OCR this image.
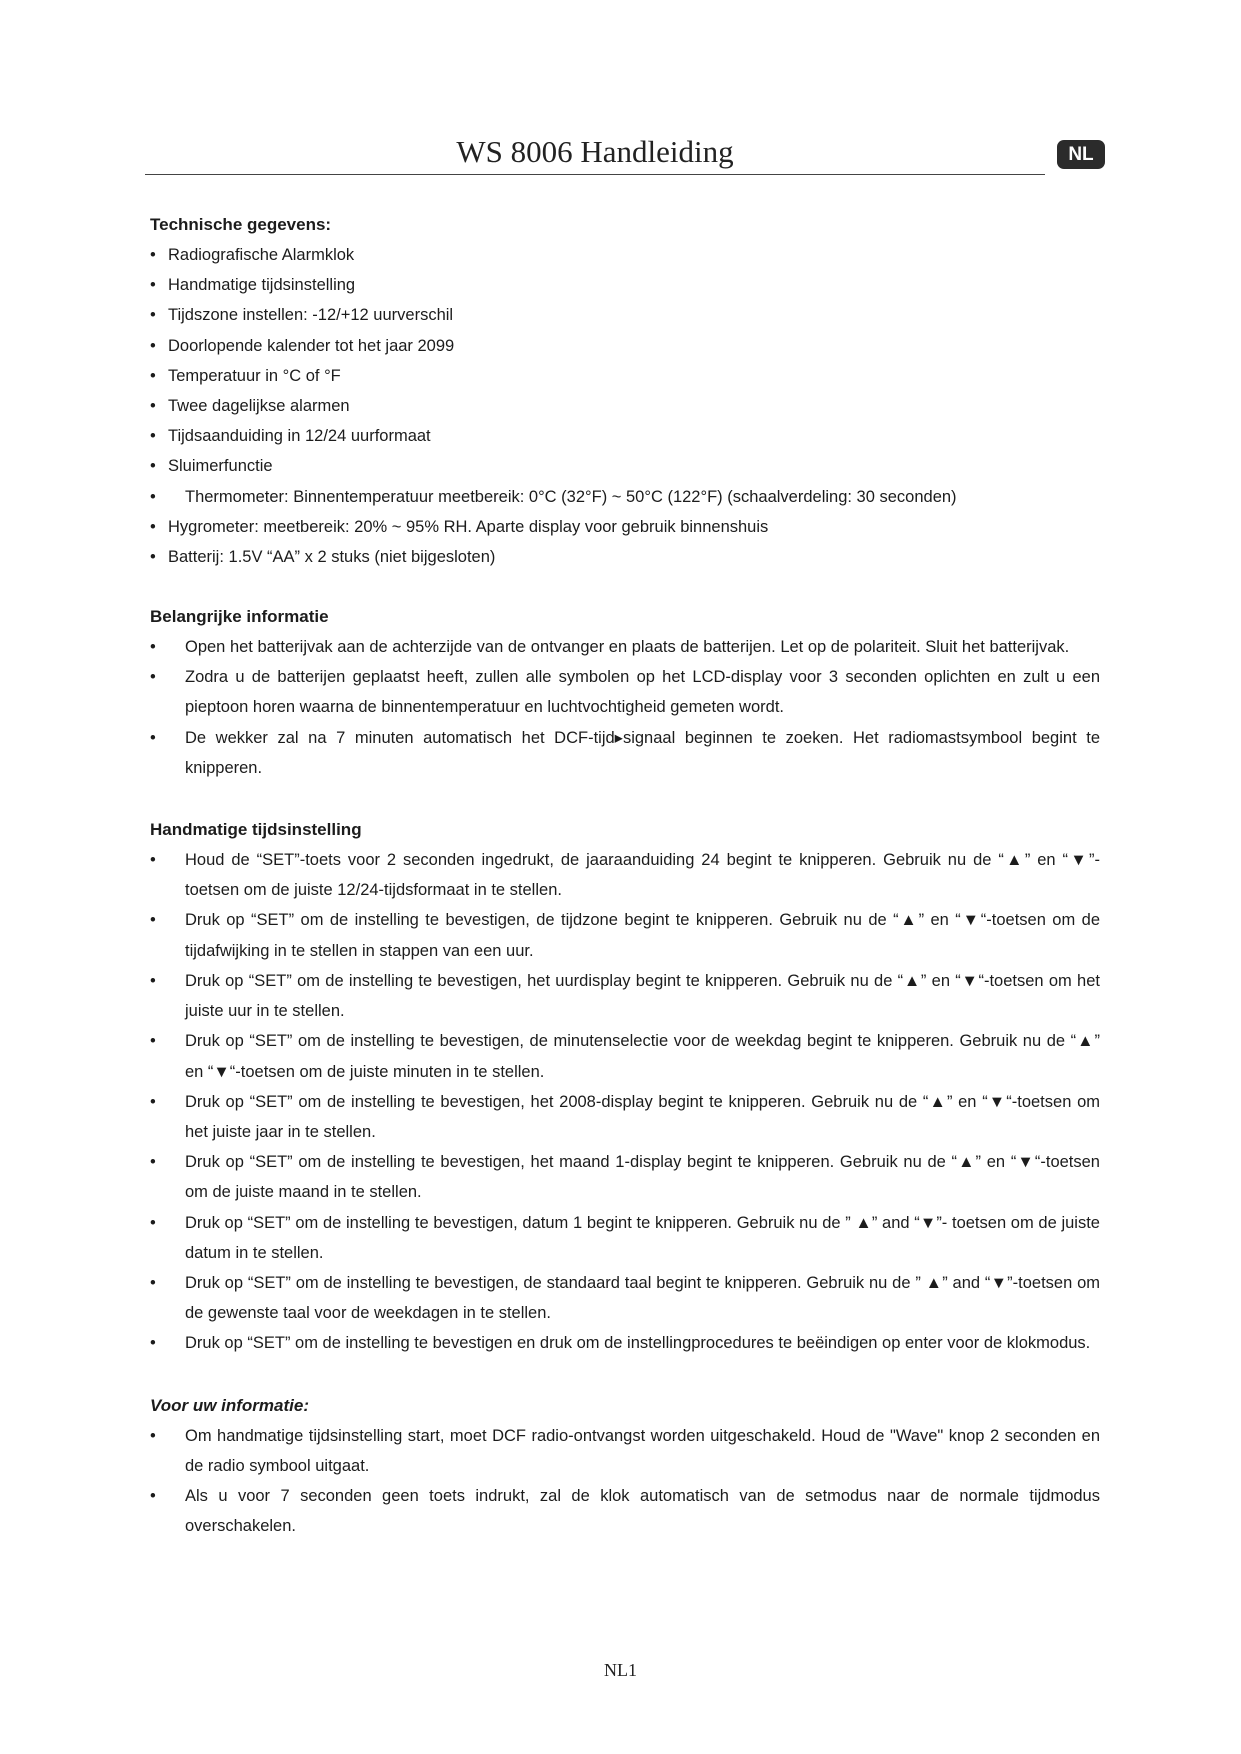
WS 8006 Handleiding	NL
Technische gegevens:
• Radiografische Alarmklok
• Handmatige tijdsinstelling
• Tijdszone instellen: -12/+12 uurverschil
• Doorlopende kalender tot het jaar 2099
• Temperatuur in °C of °F
• Twee dagelijkse alarmen
• Tijdsaanduiding in 12/24 uurformaat
• Sluimerfunctie
• Thermometer: Binnentemperatuur meetbereik: 0°C (32°F) ~ 50°C (122°F) (schaalverdeling: 30 seconden)
• Hygrometer: meetbereik: 20% ~ 95% RH. Aparte display voor gebruik binnenshuis
• Batterij: 1.5V “AA” x 2 stuks (niet bijgesloten)
Belangrijke informatie
• Open het batterijvak aan de achterzijde van de ontvanger en plaats de batterijen. Let op de polariteit. Sluit het batterijvak.
• Zodra u de batterijen geplaatst heeft, zullen alle symbolen op het LCD-display voor 3 seconden oplichten en zult u een pieptoon horen waarna de binnentemperatuur en luchtvochtigheid gemeten wordt.
• De wekker zal na 7 minuten automatisch het DCF-tijd▸signaal beginnen te zoeken. Het radiomastsymbool begint te knipperen.
Handmatige tijdsinstelling
• Houd de “SET”-toets voor 2 seconden ingedrukt, de jaaraanduiding 24 begint te knipperen. Gebruik nu de “▲” en “▼”-toetsen om de juiste 12/24-tijdsformaat in te stellen.
• Druk op “SET” om de instelling te bevestigen, de tijdzone begint te knipperen. Gebruik nu de “▲” en “▼“-toetsen om de tijdafwijking in te stellen in stappen van een uur.
• Druk op “SET” om de instelling te bevestigen, het uurdisplay begint te knipperen. Gebruik nu de “▲” en “▼“-toetsen om het juiste uur in te stellen.
• Druk op “SET” om de instelling te bevestigen, de minutenselectie voor de weekdag begint te knipperen. Gebruik nu de “▲” en “▼“-toetsen om de juiste minuten in te stellen.
• Druk op “SET” om de instelling te bevestigen, het 2008-display begint te knipperen. Gebruik nu de “▲” en “▼“-toetsen om het juiste jaar in te stellen.
• Druk op “SET” om de instelling te bevestigen, het maand 1-display begint te knipperen. Gebruik nu de “▲” en “▼“-toetsen om de juiste maand in te stellen.
• Druk op “SET” om de instelling te bevestigen, datum 1 begint te knipperen. Gebruik nu de ” ▲” and “▼”- toetsen om de juiste datum in te stellen.
• Druk op “SET” om de instelling te bevestigen, de standaard taal begint te knipperen. Gebruik nu de ” ▲” and “▼”-toetsen om de gewenste taal voor de weekdagen in te stellen.
• Druk op “SET” om de instelling te bevestigen en druk om de instellingprocedures te beëindigen op enter voor de klokmodus.
Voor uw informatie:
• Om handmatige tijdsinstelling start, moet DCF radio-ontvangst worden uitgeschakeld. Houd de "Wave" knop 2 seconden en de radio symbool uitgaat.
• Als u voor 7 seconden geen toets indrukt, zal de klok automatisch van de setmodus naar de normale tijdmodus overschakelen.
NL1
